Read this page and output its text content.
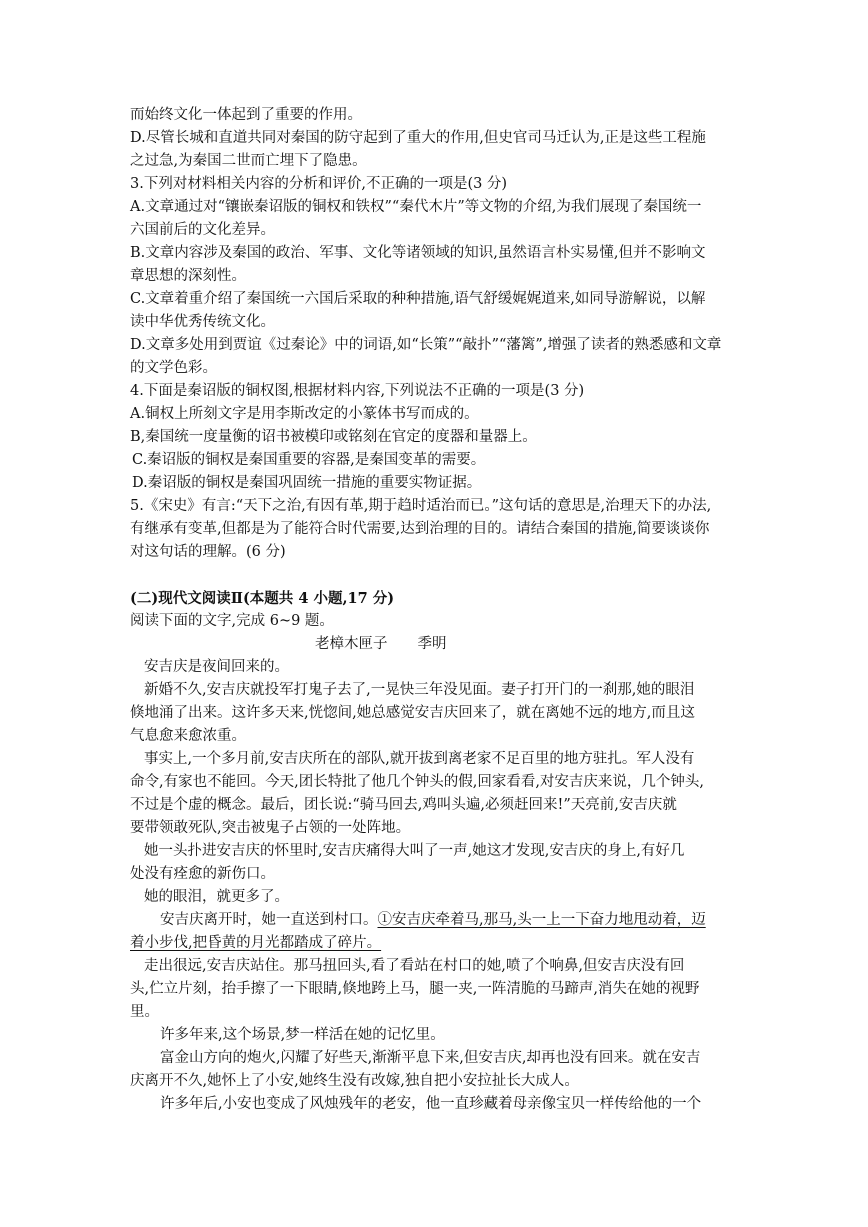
而始终文化一体起到了重要的作用。
D.尽管长城和直道共同对秦国的防守起到了重大的作用,但史官司马迁认为,正是这些工程施
之过急,为秦国二世而亡埋下了隐患。
3.下列对材料相关内容的分析和评价,不正确的一项是(3 分)
A.文章通过对“镶嵌秦诏版的铜权和铁权”“秦代木片”等文物的介绍,为我们展现了秦国统一
六国前后的文化差异。
B.文章内容涉及秦国的政治、军事、文化等诸领域的知识,虽然语言朴实易懂,但并不影响文
章思想的深刻性。
C.文章着重介绍了秦国统一六国后采取的种种措施,语气舒缓娓娓道来,如同导游解说，以解
读中华优秀传统文化。
D.文章多处用到贾谊《过秦论》中的词语,如“长策”“敲扑”“藩篱”,增强了读者的熟悉感和文章
的文学色彩。
4.下面是秦诏版的铜权图,根据材料内容,下列说法不正确的一项是(3 分)
A.铜权上所刻文字是用李斯改定的小篆体书写而成的。
B,秦国统一度量衡的诏书被模印或铭刻在官定的度器和量器上。
C.秦诏版的铜权是秦国重要的容器,是秦国变革的需要。
D.秦诏版的铜权是秦国巩固统一措施的重要实物证据。
5.《宋史》有言:“天下之治,有因有革,期于趋时适治而已。”这句话的意思是,治理天下的办法,
有继承有变革,但都是为了能符合时代需要,达到治理的目的。请结合秦国的措施,简要谈谈你
对这句话的理解。(6 分)
(二)现代文阅读Ⅱ(本题共 4 小题,17 分)
阅读下面的文字,完成 6~9 题。
老樟木匣子 季明
安吉庆是夜间回来的。
新婚不久,安吉庆就投军打鬼子去了,一晃快三年没见面。妻子打开门的一刹那,她的眼泪
倏地涌了出来。这许多天来,恍惚间,她总感觉安吉庆回来了，就在离她不远的地方,而且这
气息愈来愈浓重。
事实上,一个多月前,安吉庆所在的部队,就开拔到离老家不足百里的地方驻扎。军人没有
命令,有家也不能回。今天,团长特批了他几个钟头的假,回家看看,对安吉庆来说，几个钟头,
不过是个虚的概念。最后，团长说:“骑马回去,鸡叫头遍,必须赶回来!”天亮前,安吉庆就
要带领敢死队,突击被鬼子占领的一处阵地。
她一头扑进安吉庆的怀里时,安吉庆痛得大叫了一声,她这才发现,安吉庆的身上,有好几
处没有痊愈的新伤口。
她的眼泪，就更多了。
安吉庆离开时，她一直送到村口。①安吉庆牵着马,那马,头一上一下奋力地甩动着，迈
着小步伐,把昏黄的月光都踏成了碎片。
走出很远,安吉庆站住。那马扭回头,看了看站在村口的她,喷了个响鼻,但安吉庆没有回
头,伫立片刻，抬手擦了一下眼睛,倏地跨上马，腿一夹,一阵清脆的马蹄声,消失在她的视野
里。
许多年来,这个场景,梦一样活在她的记忆里。
富金山方向的炮火,闪耀了好些天,渐渐平息下来,但安吉庆,却再也没有回来。就在安吉
庆离开不久,她怀上了小安,她终生没有改嫁,独自把小安拉扯长大成人。
许多年后,小安也变成了风烛残年的老安，他一直珍藏着母亲像宝贝一样传给他的一个
